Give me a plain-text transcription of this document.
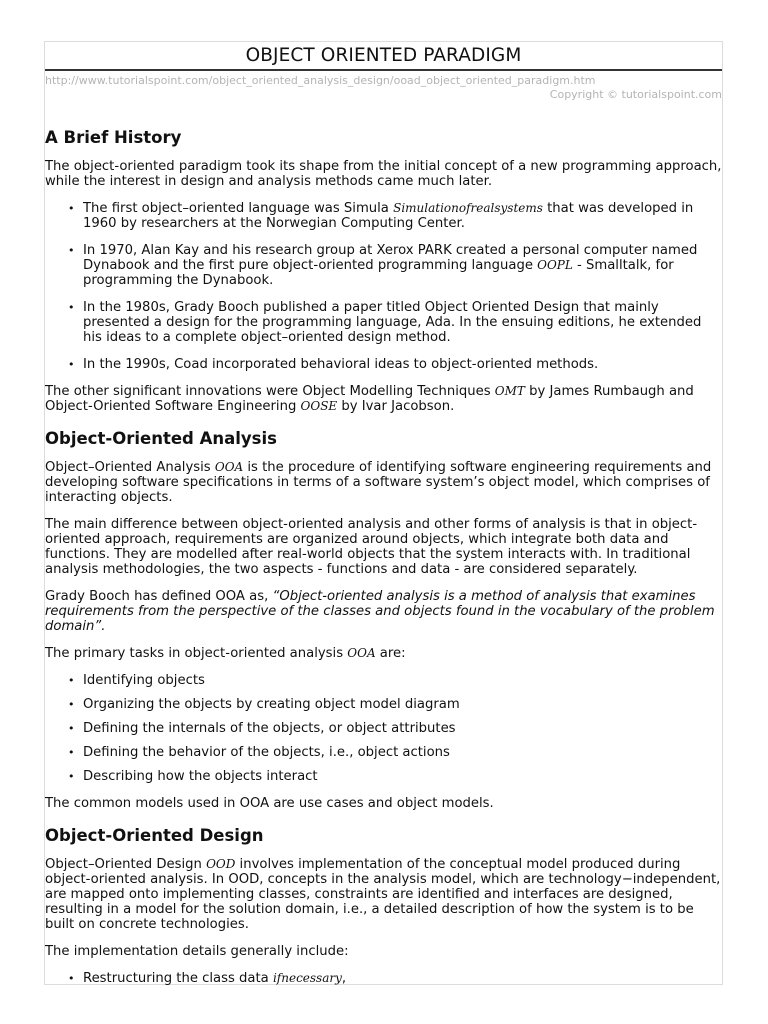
OBJECT ORIENTED PARADIGM
http://www.tutorialspoint.com/object_oriented_analysis_design/ooad_object_oriented_paradigm.htm
Copyright © tutorialspoint.com
A Brief History

The object-oriented paradigm took its shape from the initial concept of a new programming approach, while the interest in design and analysis methods came much later.

• The first object–oriented language was Simula Simulationofrealsystems that was developed in 1960 by researchers at the Norwegian Computing Center.
• In 1970, Alan Kay and his research group at Xerox PARK created a personal computer named Dynabook and the first pure object-oriented programming language OOPL - Smalltalk, for programming the Dynabook.
• In the 1980s, Grady Booch published a paper titled Object Oriented Design that mainly presented a design for the programming language, Ada. In the ensuing editions, he extended his ideas to a complete object–oriented design method.
• In the 1990s, Coad incorporated behavioral ideas to object-oriented methods.

The other significant innovations were Object Modelling Techniques OMT by James Rumbaugh and Object-Oriented Software Engineering OOSE by Ivar Jacobson.

Object-Oriented Analysis

Object–Oriented Analysis OOA is the procedure of identifying software engineering requirements and developing software specifications in terms of a software system’s object model, which comprises of interacting objects.

The main difference between object-oriented analysis and other forms of analysis is that in object-oriented approach, requirements are organized around objects, which integrate both data and functions. They are modelled after real-world objects that the system interacts with. In traditional analysis methodologies, the two aspects - functions and data - are considered separately.

Grady Booch has defined OOA as, “Object-oriented analysis is a method of analysis that examines requirements from the perspective of the classes and objects found in the vocabulary of the problem domain”.

The primary tasks in object-oriented analysis OOA are:

• Identifying objects
• Organizing the objects by creating object model diagram
• Defining the internals of the objects, or object attributes
• Defining the behavior of the objects, i.e., object actions
• Describing how the objects interact

The common models used in OOA are use cases and object models.

Object-Oriented Design

Object–Oriented Design OOD involves implementation of the conceptual model produced during object-oriented analysis. In OOD, concepts in the analysis model, which are technology−independent, are mapped onto implementing classes, constraints are identified and interfaces are designed, resulting in a model for the solution domain, i.e., a detailed description of how the system is to be built on concrete technologies.

The implementation details generally include:

• Restructuring the class data ifnecessary,
